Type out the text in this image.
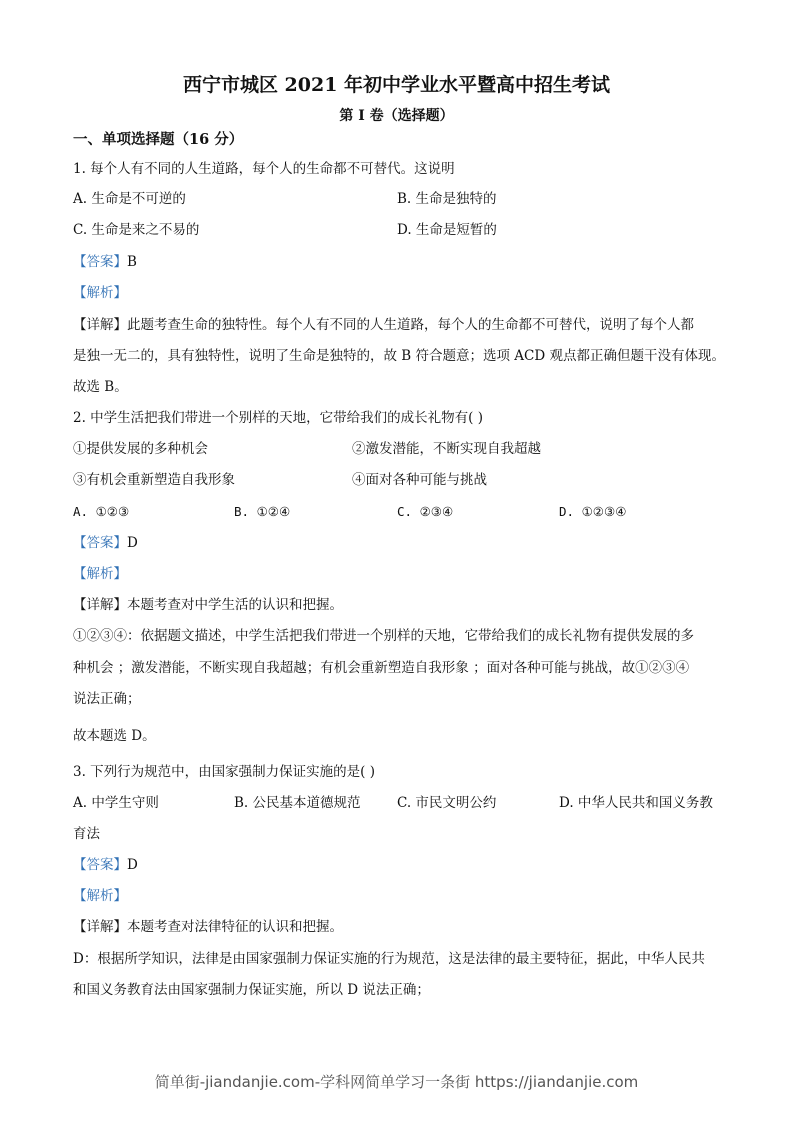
西宁市城区 2021 年初中学业水平暨高中招生考试
第 I 卷（选择题）
一、单项选择题（16 分）
1. 每个人有不同的人生道路，每个人的生命都不可替代。这说明
A. 生命是不可逆的	B. 生命是独特的
C. 生命是来之不易的	D. 生命是短暂的
【答案】B
【解析】
【详解】此题考查生命的独特性。每个人有不同的人生道路，每个人的生命都不可替代，说明了每个人都
是独一无二的，具有独特性，说明了生命是独特的，故 B 符合题意；选项 ACD 观点都正确但题干没有体现。
故选 B。
2. 中学生活把我们带进一个别样的天地，它带给我们的成长礼物有( )
①提供发展的多种机会	②激发潜能，不断实现自我超越
③有机会重新塑造自我形象	④面对各种可能与挑战
A. ①②③	B. ①②④	C. ②③④	D. ①②③④
【答案】D
【解析】
【详解】本题考查对中学生活的认识和把握。
①②③④：依据题文描述，中学生活把我们带进一个别样的天地，它带给我们的成长礼物有提供发展的多
种机会 ；激发潜能，不断实现自我超越；有机会重新塑造自我形象 ；面对各种可能与挑战，故①②③④
说法正确；
故本题选 D。
3. 下列行为规范中，由国家强制力保证实施的是( )
A. 中学生守则	B. 公民基本道德规范	C. 市民文明公约	D. 中华人民共和国义务教
育法
【答案】D
【解析】
【详解】本题考查对法律特征的认识和把握。
D：根据所学知识，法律是由国家强制力保证实施的行为规范，这是法律的最主要特征，据此，中华人民共
和国义务教育法由国家强制力保证实施，所以 D 说法正确；
简单街-jiandanjie.com-学科网简单学习一条街 https://jiandanjie.com
